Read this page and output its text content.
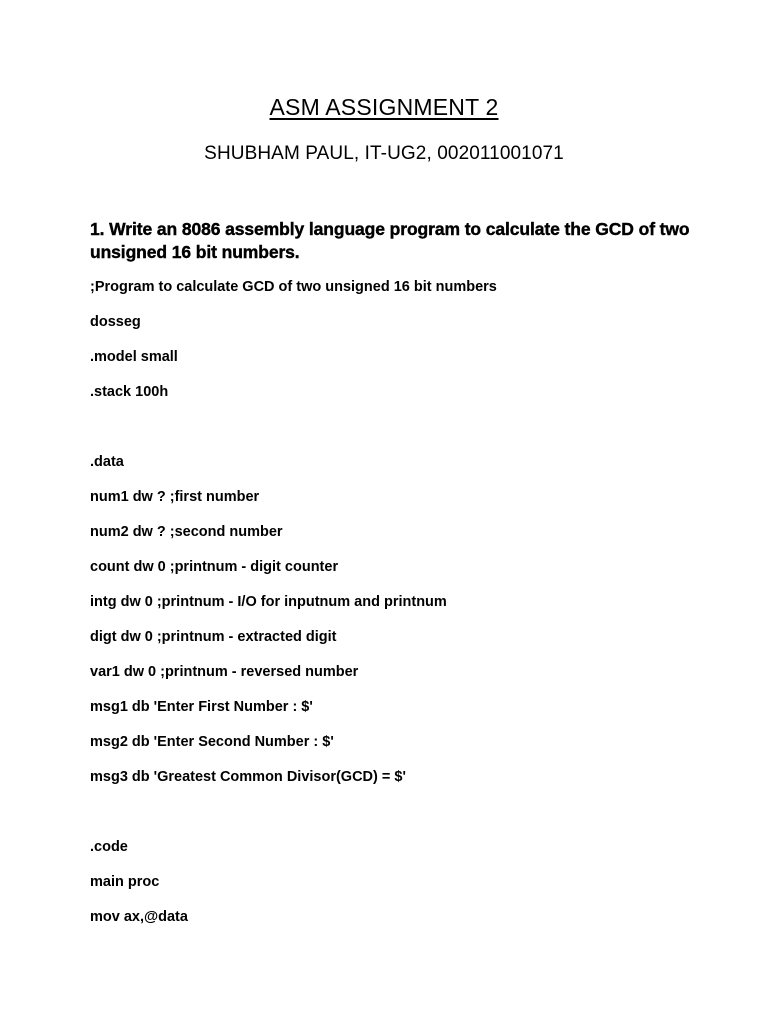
ASM ASSIGNMENT 2
SHUBHAM PAUL, IT-UG2, 002011001071
1. Write an 8086 assembly language program to calculate the GCD of two unsigned 16 bit numbers.
;Program to calculate GCD of two unsigned 16 bit numbers
dosseg
.model small
.stack 100h
.data
num1 dw ? ;first number
num2 dw ? ;second number
count dw 0 ;printnum - digit counter
intg dw 0 ;printnum - I/O for inputnum and printnum
digt dw 0 ;printnum - extracted digit
var1 dw 0 ;printnum - reversed number
msg1 db 'Enter First Number : $'
msg2 db 'Enter Second Number : $'
msg3 db 'Greatest Common Divisor(GCD) = $'
.code
main proc
mov ax,@data
